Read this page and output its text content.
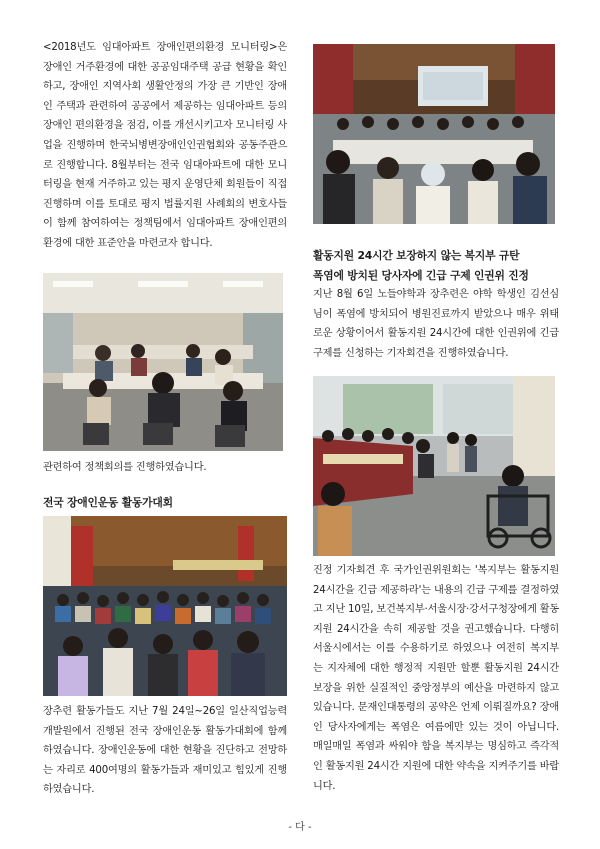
<2018년도 임대아파트 장애인편의환경 모니터링>은 장애인 거주환경에 대한 공공임대주택 공급 현황을 확인하고, 장애인 지역사회 생활안정의 가장 큰 기반인 장애인 주택과 관련하여 공공에서 제공하는 임대아파트 등의 장애인 편의환경을 점검, 이를 개선시키고자 모니터링 사업을 진행하며 한국뇌병변장애인인권협회와 공동주관으로 진행합니다. 8월부터는 전국 임대아파트에 대한 모니터링을 현재 거주하고 있는 평지 운영단체 회원들이 직접 진행하며 이를 토대로 평지 법률지원 사례회의 변호사들이 함께 참여하여는 정책팀에서 임대아파트 장애인편의환경에 대한 표준안을 마련코자 합니다.

관련하여 정책회의를 진행하였습니다.

전국 장애인운동 활동가대회

장추련 활동가들도 지난 7월 24일~26일 일산직업능력개발원에서 진행된 전국 장애인운동 활동가대회에 함께하였습니다. 장애인운동에 대한 현황을 진단하고 전망하는 자리로 400여명의 활동가들과 재미있고 힘있게 진행하였습니다.

활동지원 24시간 보장하지 않는 복지부 규탄

폭염에 방치된 당사자에 긴급 구제 인권위 진정

지난 8월 6일 노들야학과 장추련은 야학 학생인 김선심 님이 폭염에 방치되어 병원진료까지 받았으나 매우 위태로운 상황이어서 활동지원 24시간에 대한 인권위에 긴급구제를 신청하는 기자회견을 진행하였습니다.

진정 기자회견 후 국가인권위원회는 '복지부는 활동지원 24시간을 긴급 제공하라'는 내용의 긴급 구제를 결정하였고 지난 10일, 보건복지부·서울시장·강서구청장에게 활동지원 24시간을 속히 제공할 것을 권고했습니다. 다행히 서울시에서는 이를 수용하기로 하였으나 여전히 복지부는 지자체에 대한 행정적 지원만 할뿐 활동지원 24시간 보장을 위한 실질적인 중앙정부의 예산을 마련하지 않고 있습니다. 문재인대통령의 공약은 언제 이뤄질까요? 장애인 당사자에게는 폭염은 여름에만 있는 것이 아닙니다. 매일매일 폭염과 싸워야 함을 복지부는 명심하고 즉각적인 활동지원 24시간 지원에 대한 약속을 지켜주기를 바랍니다.

- 다 -
